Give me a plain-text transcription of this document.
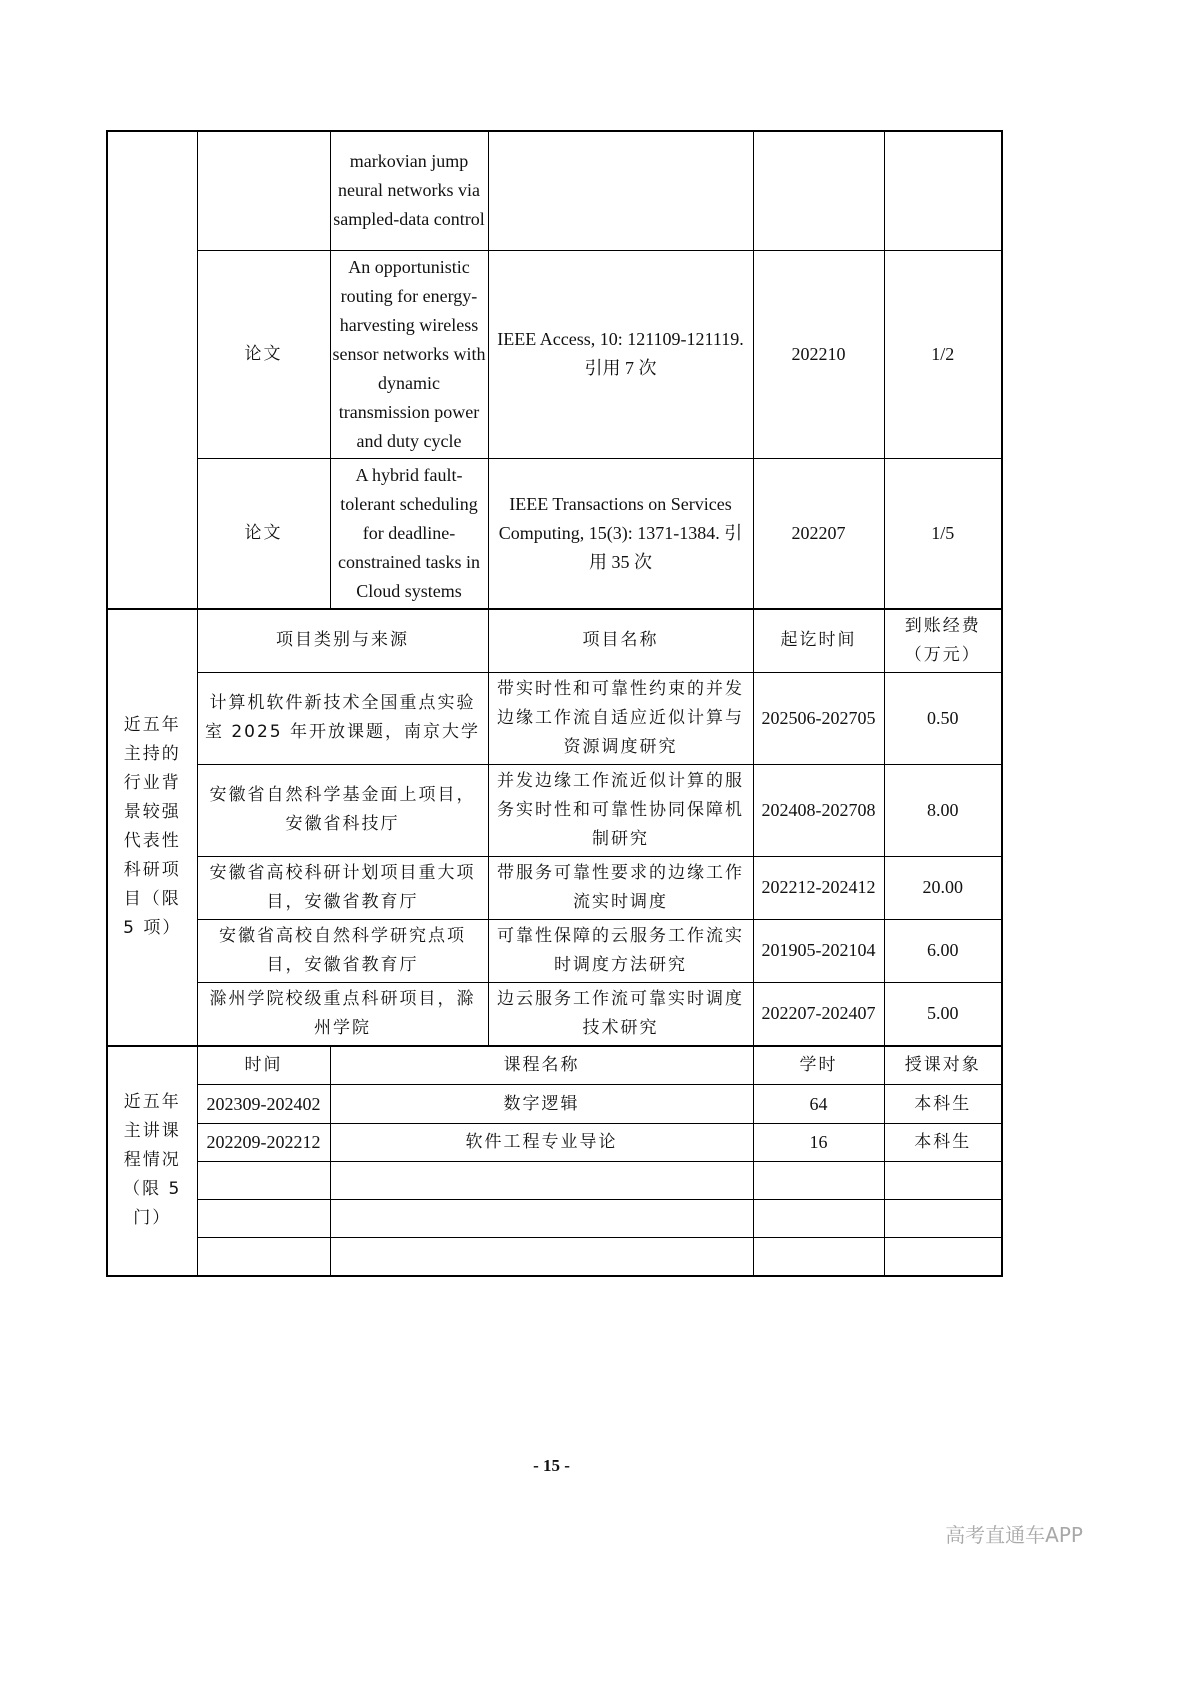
		markovian jump neural networks via sampled-data control			
	论文	An opportunistic routing for energy-harvesting wireless sensor networks with dynamic transmission power and duty cycle	IEEE Access, 10: 121109-121119. 引用 7 次	202210	1/2
	论文	A hybrid fault-tolerant scheduling for deadline-constrained tasks in Cloud systems	IEEE Transactions on Services Computing, 15(3): 1371-1384. 引用 35 次	202207	1/5
近五年主持的行业背景较强代表性科研项目（限 5 项）	项目类别与来源		项目名称	起讫时间	到账经费（万元）
	计算机软件新技术全国重点实验室 2025 年开放课题，南京大学		带实时性和可靠性约束的并发边缘工作流自适应近似计算与资源调度研究	202506-202705	0.50
	安徽省自然科学基金面上项目，安徽省科技厅		并发边缘工作流近似计算的服务实时性和可靠性协同保障机制研究	202408-202708	8.00
	安徽省高校科研计划项目重大项目，安徽省教育厅		带服务可靠性要求的边缘工作流实时调度	202212-202412	20.00
	安徽省高校自然科学研究点项目，安徽省教育厅		可靠性保障的云服务工作流实时调度方法研究	201905-202104	6.00
	滁州学院校级重点科研项目，滁州学院		边云服务工作流可靠实时调度技术研究	202207-202407	5.00
近五年主讲课程情况（限 5 门）	时间	课程名称		学时	授课对象
	202309-202402	数字逻辑		64	本科生
	202209-202212	软件工程专业导论		16	本科生

- 15 -
高考直通车APP
